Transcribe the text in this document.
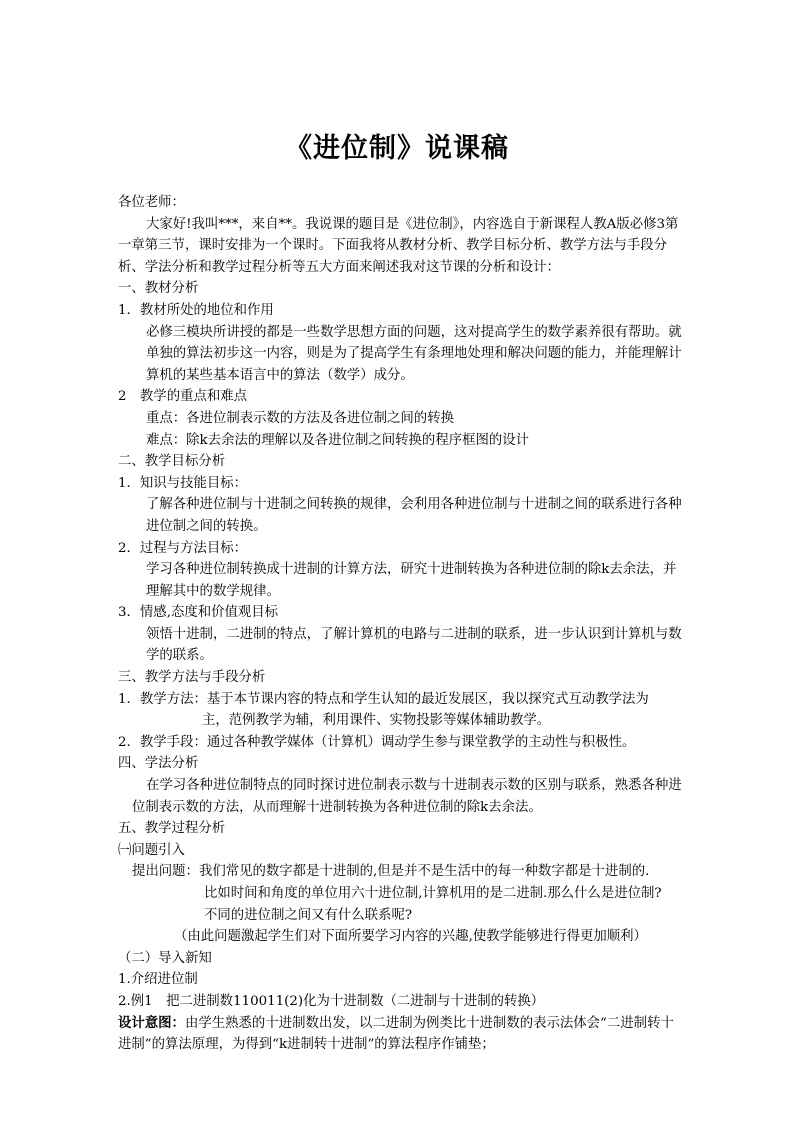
《进位制》说课稿

各位老师：

大家好!我叫***，来自**。我说课的题目是《进位制》，内容选自于新课程人教A版必修3第一章第三节，课时安排为一个课时。下面我将从教材分析、教学目标分析、教学方法与手段分析、学法分析和教学过程分析等五大方面来阐述我对这节课的分析和设计：

一、教材分析

1．教材所处的地位和作用

必修三模块所讲授的都是一些数学思想方面的问题，这对提高学生的数学素养很有帮助。就单独的算法初步这一内容，则是为了提高学生有条理地处理和解决问题的能力，并能理解计算机的某些基本语言中的算法（数学）成分。

2　教学的重点和难点

重点：各进位制表示数的方法及各进位制之间的转换

难点：除k去余法的理解以及各进位制之间转换的程序框图的设计

二、教学目标分析

1．知识与技能目标：

了解各种进位制与十进制之间转换的规律，会利用各种进位制与十进制之间的联系进行各种进位制之间的转换。

2．过程与方法目标：

学习各种进位制转换成十进制的计算方法，研究十进制转换为各种进位制的除k去余法，并理解其中的数学规律。

3．情感,态度和价值观目标

领悟十进制，二进制的特点，了解计算机的电路与二进制的联系，进一步认识到计算机与数学的联系。

三、教学方法与手段分析

1．教学方法：基于本节课内容的特点和学生认知的最近发展区，我以探究式互动教学法为

主，范例教学为辅，利用课件、实物投影等媒体辅助教学。

2．教学手段：通过各种教学媒体（计算机）调动学生参与课堂教学的主动性与积极性。

四、学法分析

在学习各种进位制特点的同时探讨进位制表示数与十进制表示数的区别与联系，熟悉各种进位制表示数的方法，从而理解十进制转换为各种进位制的除k去余法。

五、教学过程分析

㈠问题引入

提出问题：我们常见的数字都是十进制的,但是并不是生活中的每一种数字都是十进制的.

比如时间和角度的单位用六十进位制,计算机用的是二进制.那么什么是进位制?

不同的进位制之间又有什么联系呢?

（由此问题激起学生们对下面所要学习内容的兴趣,使教学能够进行得更加顺利）

（二）导入新知

1.介绍进位制

2.例1　把二进制数110011(2)化为十进制数（二进制与十进制的转换）

设计意图：由学生熟悉的十进制数出发，以二进制为例类比十进制数的表示法体会“二进制转十进制”的算法原理，为得到“k进制转十进制”的算法程序作铺垫；
